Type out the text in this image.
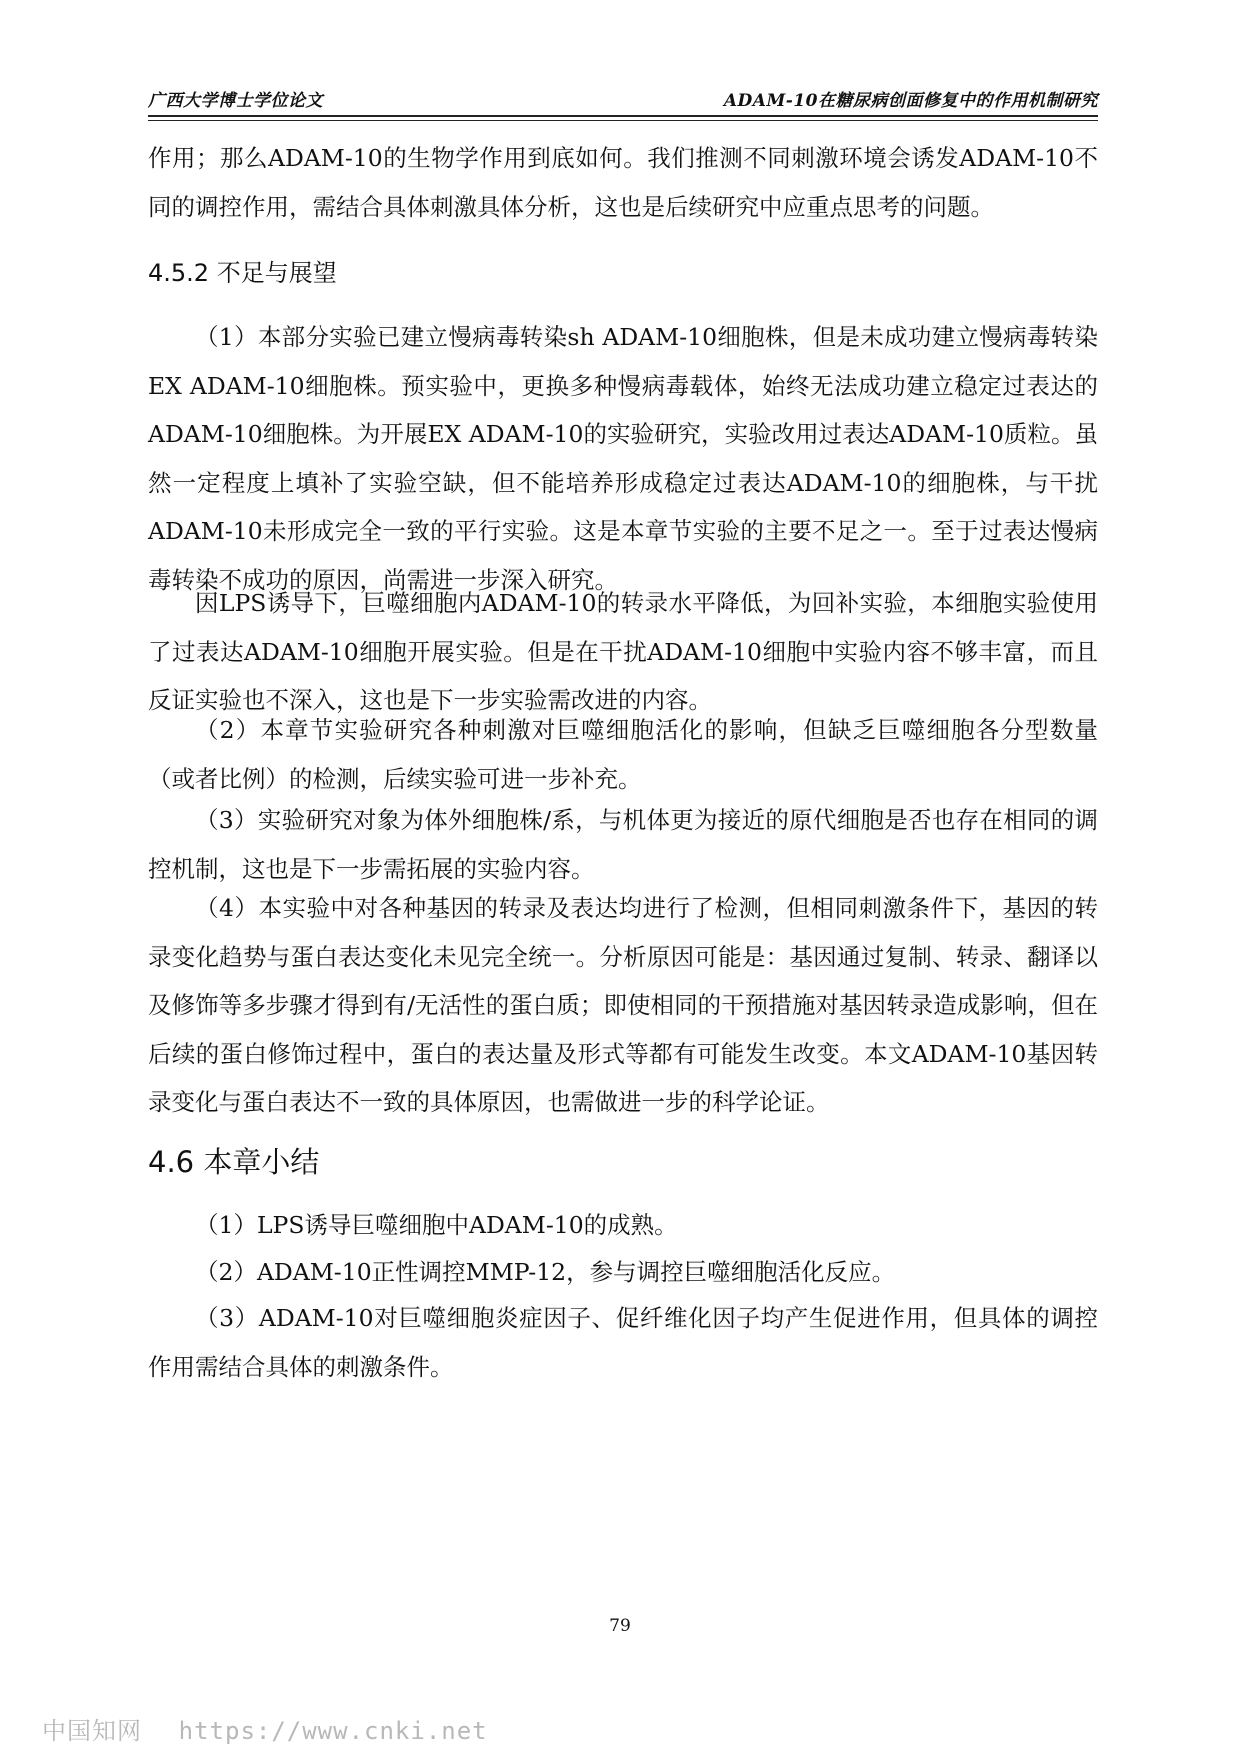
广西大学博士学位论文	ADAM-10在糖尿病创面修复中的作用机制研究
作用；那么ADAM-10的生物学作用到底如何。我们推测不同刺激环境会诱发ADAM-10不同的调控作用，需结合具体刺激具体分析，这也是后续研究中应重点思考的问题。
4.5.2 不足与展望
（1）本部分实验已建立慢病毒转染sh ADAM-10细胞株，但是未成功建立慢病毒转染EX ADAM-10细胞株。预实验中，更换多种慢病毒载体，始终无法成功建立稳定过表达的ADAM-10细胞株。为开展EX ADAM-10的实验研究，实验改用过表达ADAM-10质粒。虽然一定程度上填补了实验空缺，但不能培养形成稳定过表达ADAM-10的细胞株，与干扰ADAM-10未形成完全一致的平行实验。这是本章节实验的主要不足之一。至于过表达慢病毒转染不成功的原因，尚需进一步深入研究。
因LPS诱导下，巨噬细胞内ADAM-10的转录水平降低，为回补实验，本细胞实验使用了过表达ADAM-10细胞开展实验。但是在干扰ADAM-10细胞中实验内容不够丰富，而且反证实验也不深入，这也是下一步实验需改进的内容。
（2）本章节实验研究各种刺激对巨噬细胞活化的影响，但缺乏巨噬细胞各分型数量（或者比例）的检测，后续实验可进一步补充。
（3）实验研究对象为体外细胞株/系，与机体更为接近的原代细胞是否也存在相同的调控机制，这也是下一步需拓展的实验内容。
（4）本实验中对各种基因的转录及表达均进行了检测，但相同刺激条件下，基因的转录变化趋势与蛋白表达变化未见完全统一。分析原因可能是：基因通过复制、转录、翻译以及修饰等多步骤才得到有/无活性的蛋白质；即使相同的干预措施对基因转录造成影响，但在后续的蛋白修饰过程中，蛋白的表达量及形式等都有可能发生改变。本文ADAM-10基因转录变化与蛋白表达不一致的具体原因，也需做进一步的科学论证。
4.6 本章小结
（1）LPS诱导巨噬细胞中ADAM-10的成熟。
（2）ADAM-10正性调控MMP-12，参与调控巨噬细胞活化反应。
（3）ADAM-10对巨噬细胞炎症因子、促纤维化因子均产生促进作用，但具体的调控作用需结合具体的刺激条件。
79
中国知网 https://www.cnki.net
